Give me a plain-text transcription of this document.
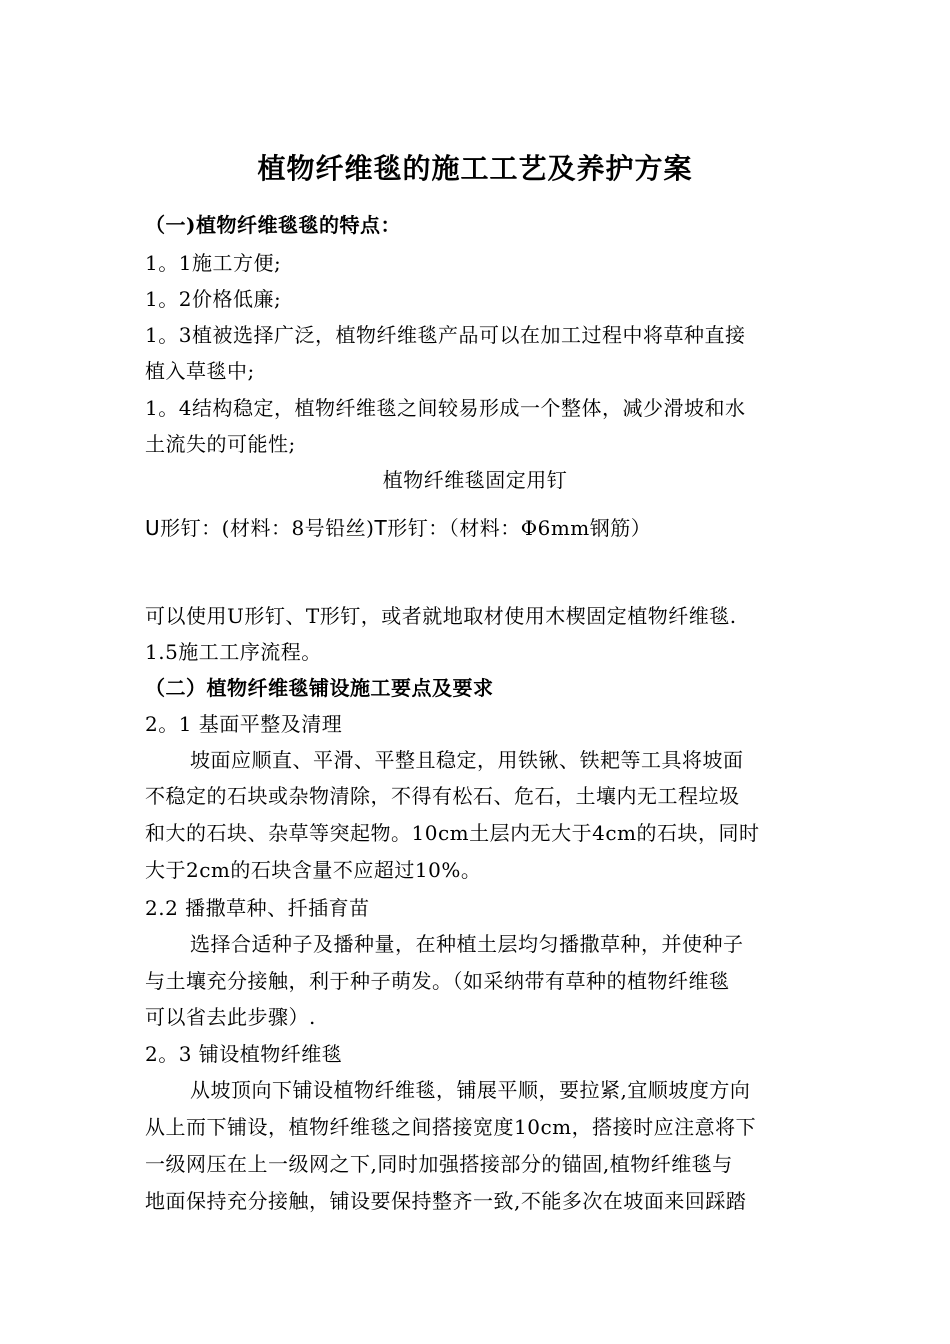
植物纤维毯的施工工艺及养护方案
（一)植物纤维毯毯的特点：
1。1施工方便;
1。2价格低廉;
1。3植被选择广泛，植物纤维毯产品可以在加工过程中将草种直接
植入草毯中;
1。4结构稳定，植物纤维毯之间较易形成一个整体，减少滑坡和水
土流失的可能性;
植物纤维毯固定用钉
U形钉：(材料：8号铅丝)T形钉：（材料：Φ6mm钢筋）
可以使用U形钉、T形钉，或者就地取材使用木楔固定植物纤维毯.
1.5施工工序流程。
（二）植物纤维毯铺设施工要点及要求
2。1 基面平整及清理
坡面应顺直、平滑、平整且稳定，用铁锹、铁耙等工具将坡面
不稳定的石块或杂物清除，不得有松石、危石，土壤内无工程垃圾
和大的石块、杂草等突起物。10cm土层内无大于4cm的石块，同时
大于2cm的石块含量不应超过10%。
2.2 播撒草种、扦插育苗
选择合适种子及播种量，在种植土层均匀播撒草种，并使种子
与土壤充分接触，利于种子萌发。（如采纳带有草种的植物纤维毯
可以省去此步骤）.
2。3 铺设植物纤维毯
从坡顶向下铺设植物纤维毯，铺展平顺，要拉紧,宜顺坡度方向
从上而下铺设，植物纤维毯之间搭接宽度10cm，搭接时应注意将下
一级网压在上一级网之下,同时加强搭接部分的锚固,植物纤维毯与
地面保持充分接触，铺设要保持整齐一致,不能多次在坡面来回踩踏
